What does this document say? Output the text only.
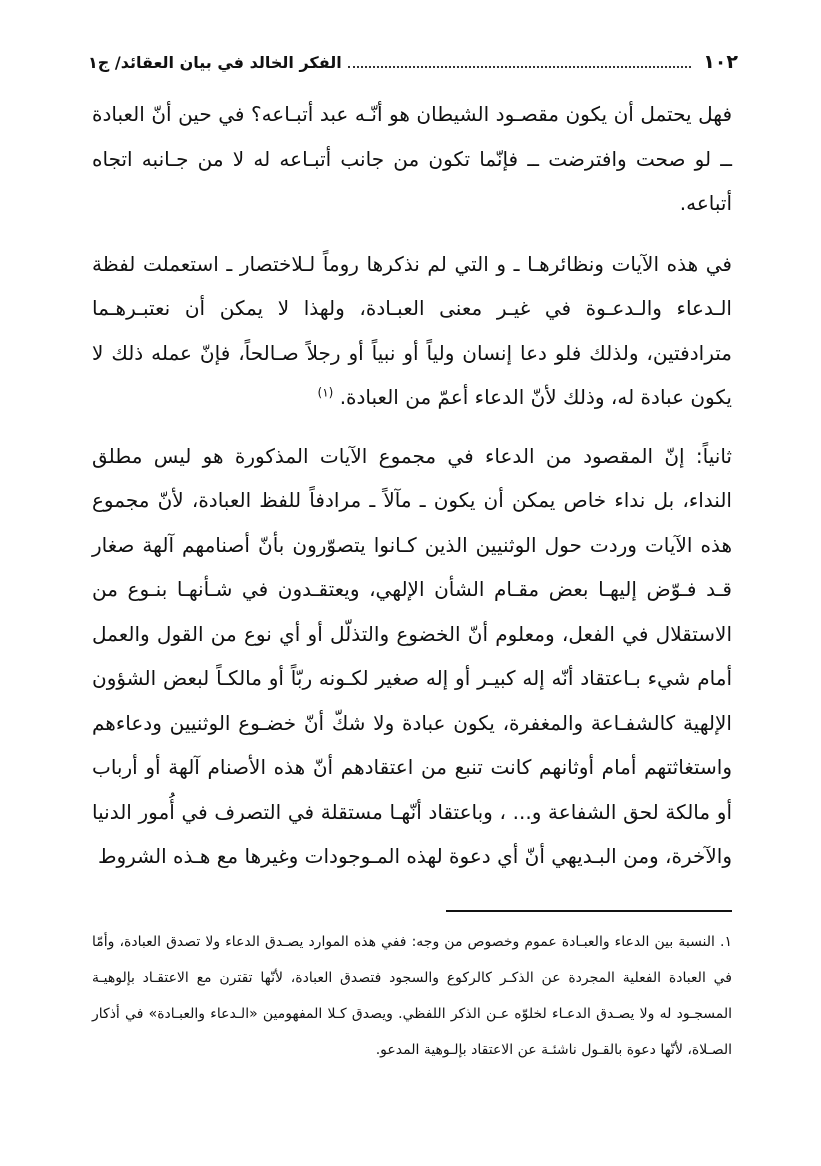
١٠٢
الفكر الخالد في بيان العقائد/ ج١

فهل يحتمل أن يكون مقصـود الشيطان هو أنّـه عبد أتبـاعه؟ في حين أنّ العبادة ــ لو صحت وافترضت ــ فإنّما تكون من جانب أتبـاعه له لا من جـانبه اتجاه أتباعه.

في هذه الآيات ونظائرهـا ـ و التي لم نذكرها روماً لـلاختصار ـ استعملت لفظة الـدعاء والـدعـوة في غيـر معنى العبـادة، ولهذا لا يمكن أن نعتبـرهـما مترادفتين، ولذلك فلو دعا إنسان ولياً أو نبياً أو رجلاً صـالحاً، فإنّ عمله ذلك لا يكون عبادة له، وذلك لأنّ الدعاء أعمّ من العبادة. $^{(١)}$

ثانياً: إنّ المقصود من الدعاء في مجموع الآيات المذكورة هو ليس مطلق النداء، بل نداء خاص يمكن أن يكون ـ مآلاً ـ مرادفاً للفظ العبادة، لأنّ مجموع هذه الآيات وردت حول الوثنيين الذين كـانوا يتصوّرون بأنّ أصنامهم آلهة صغار قـد فـوّض إليهـا بعض مقـام الشأن الإلهي، ويعتقـدون في شـأنهـا بنـوع من الاستقلال في الفعل، ومعلوم أنّ الخضوع والتذلّل أو أي نوع من القول والعمل أمام شيء بـاعتقاد أنّه إله كبيـر أو إله صغير لكـونه ربّاً أو مالكـاً لبعض الشؤون الإلهية كالشفـاعة والمغفرة، يكون عبادة ولا شكّ أنّ خضـوع الوثنيين ودعاءهم واستغاثتهم أمام أوثانهم كانت تنبع من اعتقادهم أنّ هذه الأصنام آلهة أو أرباب أو مالكة لحق الشفاعة و... ، وباعتقاد أنّهـا مستقلة في التصرف في أُمور الدنيا والآخرة، ومن البـديهي أنّ أي دعوة لهذه المـوجودات وغيرها مع هـذه الشروط

١. النسبة بين الدعاء والعبـادة عموم وخصوص من وجه: ففي هذه الموارد يصـدق الدعاء ولا تصدق العبادة، وأمّا في العبادة الفعلية المجردة عن الذكـر كالركوع والسجود فتصدق العبادة، لأنّها تقترن مع الاعتقـاد بإلوهيـة المسجـود له ولا يصـدق الدعـاء لخلوّه عـن الذكر اللفظي. ويصدق كـلا المفهومين «الـدعاء والعبـادة» في أذكار الصـلاة، لأنّها دعوة بالقـول ناشئـة عن الاعتقاد بإلـوهية المدعو.
